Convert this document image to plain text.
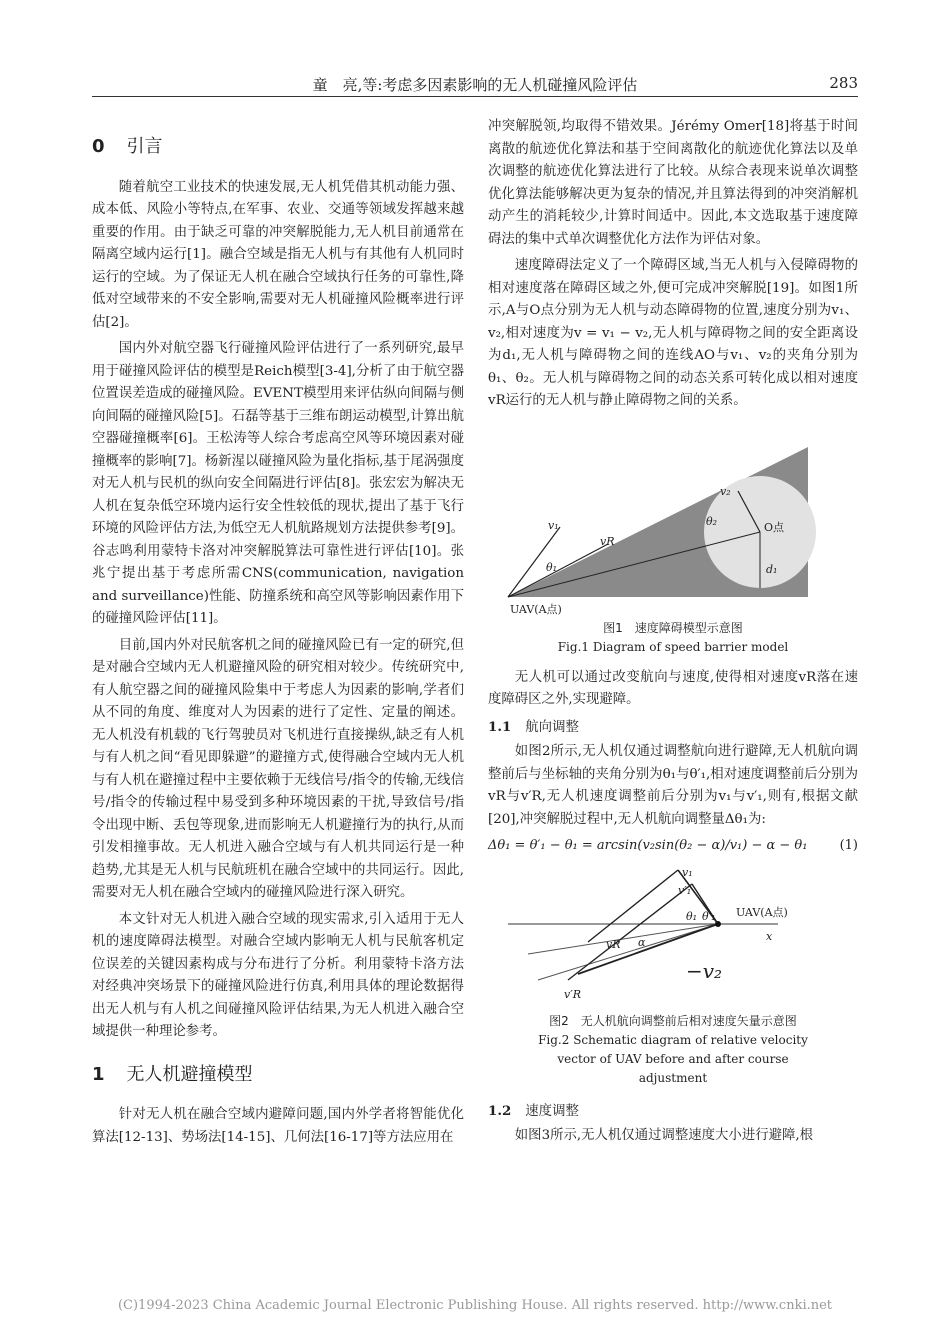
童　亮,等:考虑多因素影响的无人机碰撞风险评估	283
0 引言

随着航空工业技术的快速发展,无人机凭借其机动能力强、成本低、风险小等特点,在军事、农业、交通等领域发挥越来越重要的作用。由于缺乏可靠的冲突解脱能力,无人机目前通常在隔离空域内运行[1]。融合空域是指无人机与有其他有人机同时运行的空域。为了保证无人机在融合空域执行任务的可靠性,降低对空域带来的不安全影响,需要对无人机碰撞风险概率进行评估[2]。

国内外对航空器飞行碰撞风险评估进行了一系列研究,最早用于碰撞风险评估的模型是Reich模型[3-4],分析了由于航空器位置误差造成的碰撞风险。EVENT模型用来评估纵向间隔与侧向间隔的碰撞风险[5]。石磊等基于三维布朗运动模型,计算出航空器碰撞概率[6]。王松涛等人综合考虑高空风等环境因素对碰撞概率的影响[7]。杨新湦以碰撞风险为量化指标,基于尾涡强度对无人机与民机的纵向安全间隔进行评估[8]。张宏宏为解决无人机在复杂低空环境内运行安全性较低的现状,提出了基于飞行环境的风险评估方法,为低空无人机航路规划方法提供参考[9]。谷志鸣利用蒙特卡洛对冲突解脱算法可靠性进行评估[10]。张兆宁提出基于考虑所需CNS(communication, navigation and surveillance)性能、防撞系统和高空风等影响因素作用下的碰撞风险评估[11]。

目前,国内外对民航客机之间的碰撞风险已有一定的研究,但是对融合空域内无人机避撞风险的研究相对较少。传统研究中,有人航空器之间的碰撞风险集中于考虑人为因素的影响,学者们从不同的角度、维度对人为因素的进行了定性、定量的阐述。无人机没有机载的飞行驾驶员对飞机进行直接操纵,缺乏有人机与有人机之间“看见即躲避”的避撞方式,使得融合空域内无人机与有人机在避撞过程中主要依赖于无线信号/指令的传输,无线信号/指令的传输过程中易受到多种环境因素的干扰,导致信号/指令出现中断、丢包等现象,进而影响无人机避撞行为的执行,从而引发相撞事故。无人机进入融合空域与有人机共同运行是一种趋势,尤其是无人机与民航班机在融合空域中的共同运行。因此,需要对无人机在融合空域内的碰撞风险进行深入研究。

本文针对无人机进入融合空域的现实需求,引入适用于无人机的速度障碍法模型。对融合空域内影响无人机与民航客机定位误差的关键因素构成与分布进行了分析。利用蒙特卡洛方法对经典冲突场景下的碰撞风险进行仿真,利用具体的理论数据得出无人机与有人机之间碰撞风险评估结果,为无人机进入融合空域提供一种理论参考。

1 无人机避撞模型

针对无人机在融合空域内避障问题,国内外学者将智能优化算法[12-13]、势场法[14-15]、几何法[16-17]等方法应用在

冲突解脱领,均取得不错效果。Jérémy Omer[18]将基于时间离散的航迹优化算法和基于空间离散化的航迹优化算法以及单次调整的航迹优化算法进行了比较。从综合表现来说单次调整优化算法能够解决更为复杂的情况,并且算法得到的冲突消解机动产生的消耗较少,计算时间适中。因此,本文选取基于速度障碍法的集中式单次调整优化方法作为评估对象。

速度障碍法定义了一个障碍区域,当无人机与入侵障碍物的相对速度落在障碍区域之外,便可完成冲突解脱[19]。如图1所示,A与O点分别为无人机与动态障碍物的位置,速度分别为v₁、v₂,相对速度为v = v₁ − v₂,无人机与障碍物之间的安全距离设为d₁,无人机与障碍物之间的连线AO与v₁、v₂的夹角分别为θ₁、θ₂。无人机与障碍物之间的动态关系可转化成以相对速度vR运行的无人机与静止障碍物之间的关系。

UAV(A点)
O点
v₁
v₂
vR
θ₁
θ₂
d₁
图1　速度障碍模型示意图
Fig.1 Diagram of speed barrier model

无人机可以通过改变航向与速度,使得相对速度vR落在速度障碍区之外,实现避障。

1.1 航向调整

如图2所示,无人机仅通过调整航向进行避障,无人机航向调整前后与坐标轴的夹角分别为θ₁与θ′₁,相对速度调整前后分别为vR与v′R,无人机速度调整前后分别为v₁与v′₁,则有,根据文献[20],冲突解脱过程中,无人机航向调整量Δθ₁为:

Δθ₁ = θ′₁ − θ₁ = arcsin(v₂sin(θ₂ − α)/v₁) − α − θ₁ (1)
UAV(A点)
x
v₁
v′₁
vR
v′R
−v₂
θ₁ θ′₁
α
图2　无人机航向调整前后相对速度矢量示意图
Fig.2 Schematic diagram of relative velocity vector of UAV before and after course adjustment
1.2 速度调整

如图3所示,无人机仅通过调整速度大小进行避障,根

(C)1994-2023 China Academic Journal Electronic Publishing House. All rights reserved. http://www.cnki.net
